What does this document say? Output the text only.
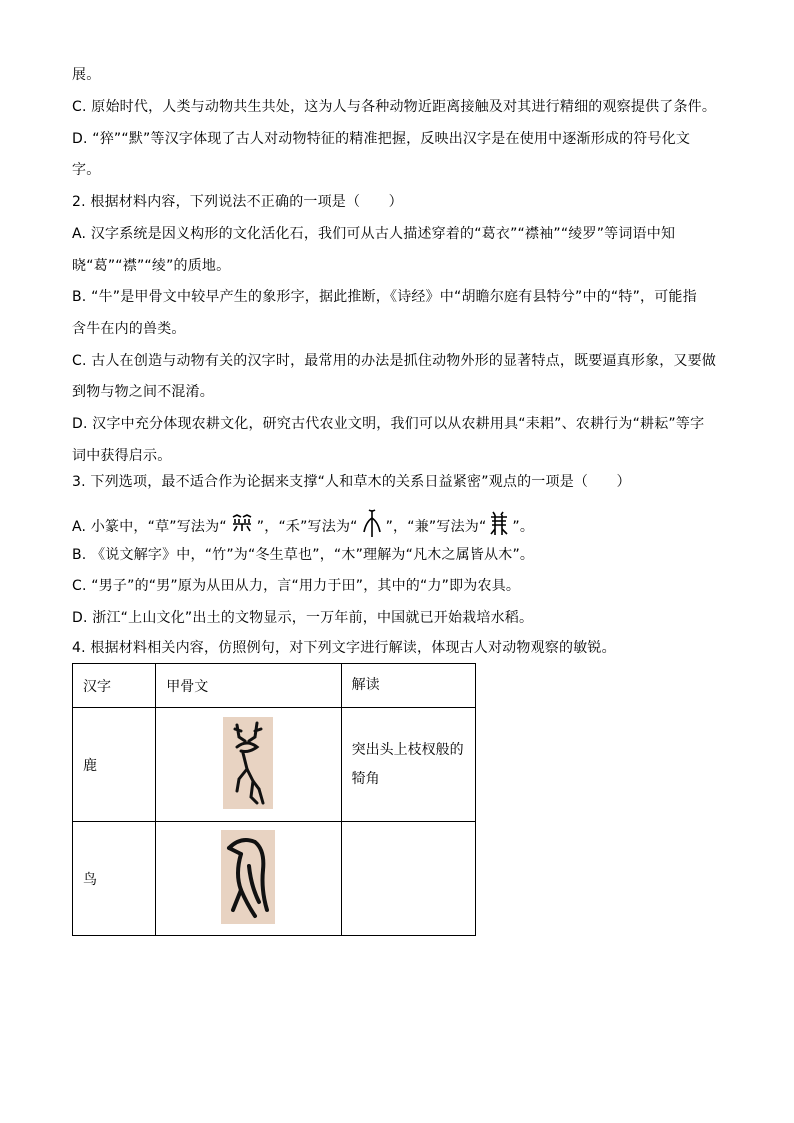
展。
C. 原始时代，人类与动物共生共处，这为人与各种动物近距离接触及对其进行精细的观察提供了条件。
D. “猝”“默”等汉字体现了古人对动物特征的精准把握，反映出汉字是在使用中逐渐形成的符号化文
字。
2. 根据材料内容，下列说法不正确的一项是（　　）
A. 汉字系统是因义构形的文化活化石，我们可从古人描述穿着的“葛衣”“襟袖”“绫罗”等词语中知
晓“葛”“襟”“绫”的质地。
B. “牛”是甲骨文中较早产生的象形字，据此推断，《诗经》中“胡瞻尔庭有县特兮”中的“特”，可能指
含牛在内的兽类。
C. 古人在创造与动物有关的汉字时，最常用的办法是抓住动物外形的显著特点，既要逼真形象，又要做
到物与物之间不混淆。
D. 汉字中充分体现农耕文化，研究古代农业文明，我们可以从农耕用具“耒耜”、农耕行为“耕耘”等字
词中获得启示。
3. 下列选项，最不适合作为论据来支撑“人和草木的关系日益紧密”观点的一项是（　　）
A. 小篆中，“草”写法为“ ”，“禾”写法为“ ”，“兼”写法为“ ”。
B. 《说文解字》中，“竹”为“冬生草也”，“木”理解为“凡木之属皆从木”。
C. “男子”的“男”原为从田从力，言“用力于田”，其中的“力”即为农具。
D. 浙江“上山文化”出土的文物显示，一万年前，中国就已开始栽培水稻。
4. 根据材料相关内容，仿照例句，对下列文字进行解读，体现古人对动物观察的敏锐。
汉字	甲骨文	解读
鹿		突出头上枝杈般的犄角
鸟		
